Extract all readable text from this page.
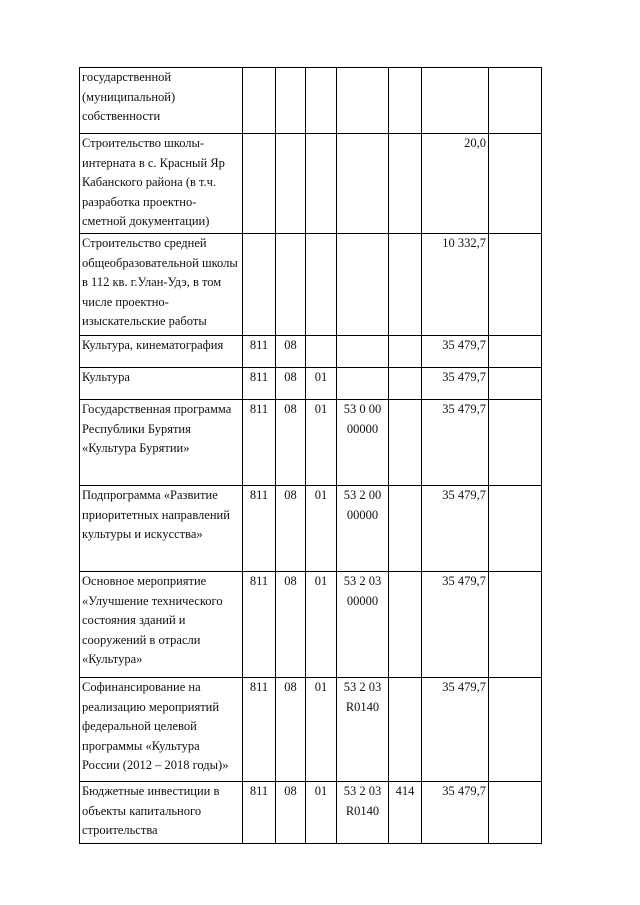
государственной (муниципальной) собственности							
Строительство школы-интерната в с. Красный Яр Кабанского района (в т.ч. разработка проектно-сметной документации)						20,0	
Строительство средней общеобразовательной школы в 112 кв. г.Улан-Удэ, в том числе проектно-изыскательские работы						10 332,7	
Культура, кинематография	811	08				35 479,7	
Культура	811	08	01			35 479,7	
Государственная программа Республики Бурятия «Культура Бурятии»	811	08	01	53 0 00 00000		35 479,7	
Подпрограмма «Развитие приоритетных направлений культуры и искусства»	811	08	01	53 2 00 00000		35 479,7	
Основное мероприятие «Улучшение технического состояния зданий и сооружений в отрасли «Культура»	811	08	01	53 2 03 00000		35 479,7	
Софинансирование на реализацию мероприятий федеральной целевой программы «Культура России (2012 – 2018 годы)»	811	08	01	53 2 03 R0140		35 479,7	
Бюджетные инвестиции в объекты капитального строительства	811	08	01	53 2 03 R0140	414	35 479,7	
